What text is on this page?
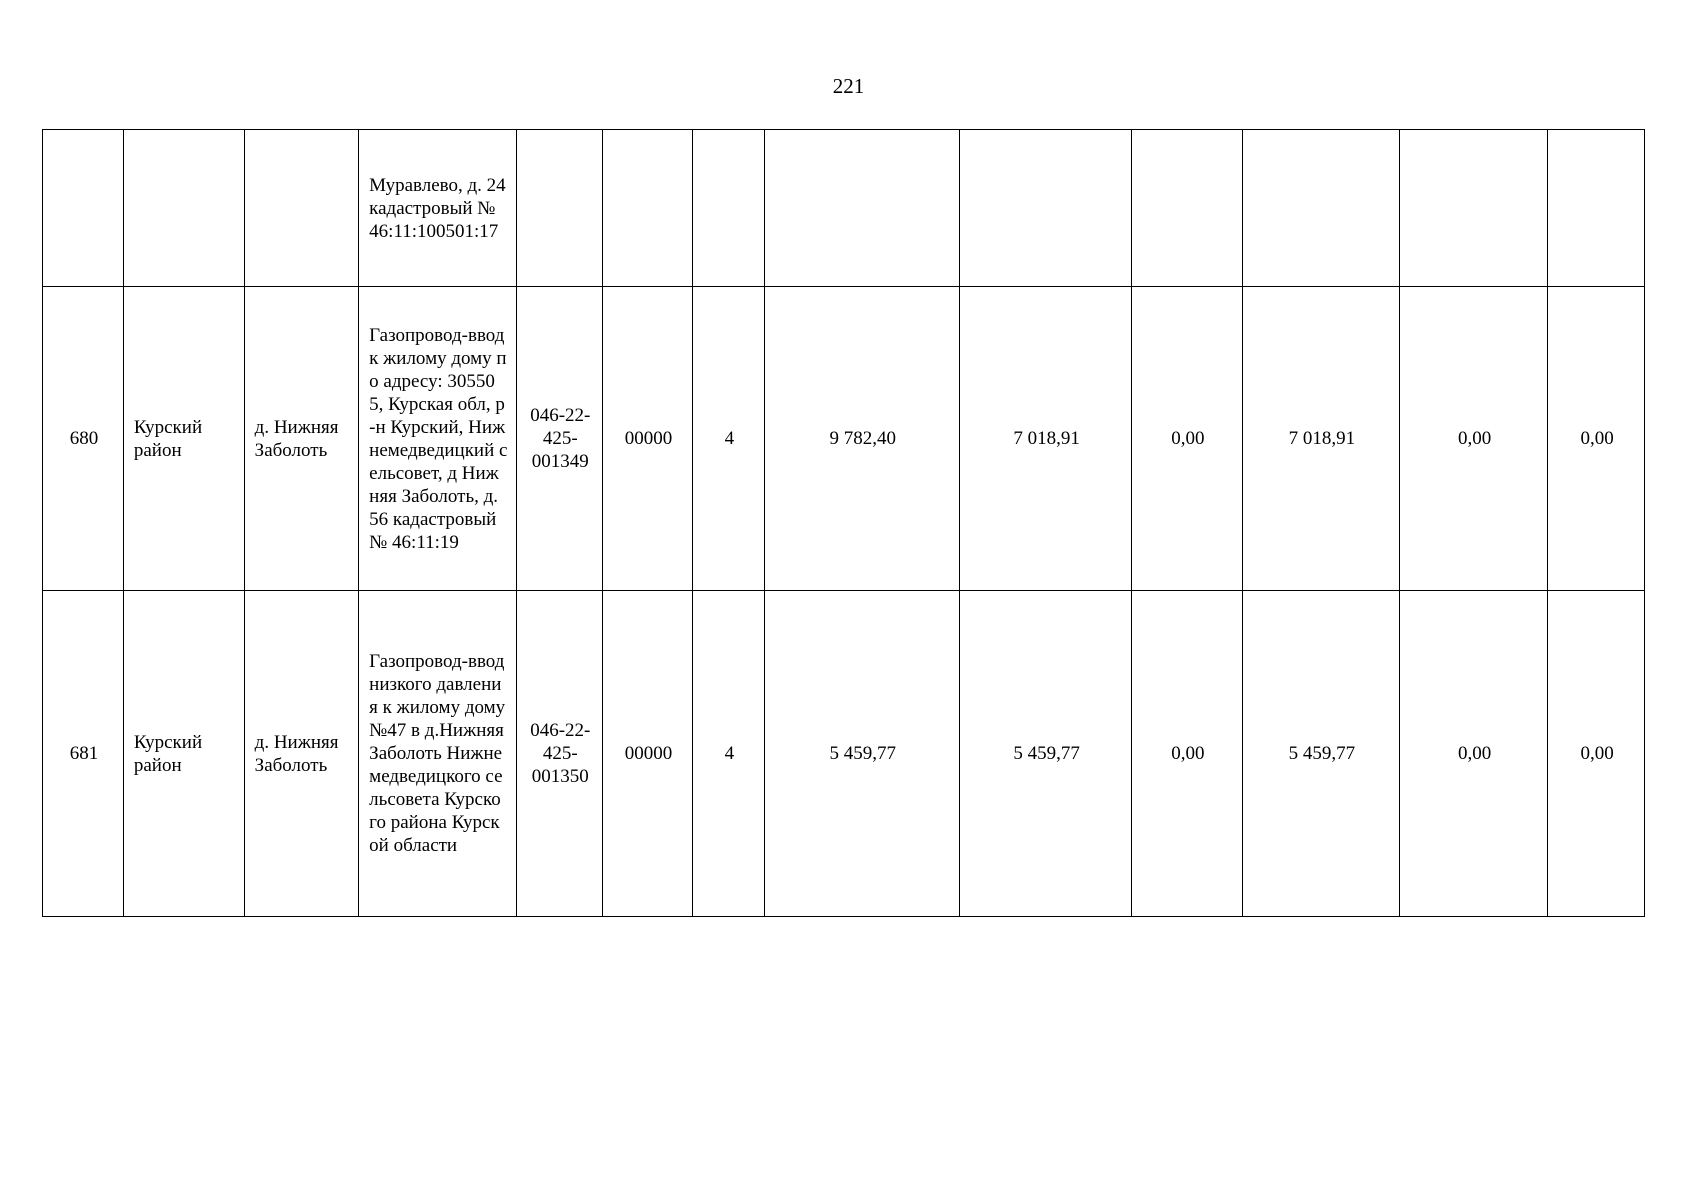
221
			Муравлево, д. 24 кадастровый № 46:11:100501:17									
680	Курский район	д. Нижняя Заболоть	Газопровод-ввод к жилому дому по адресу: 305505, Курская обл, р-н Курский, Нижнемедведицкий сельсовет, д Нижняя Заболоть, д. 56 кадастровый № 46:11:19	046-22-425-001349	00000	4	9 782,40	7 018,91	0,00	7 018,91	0,00	0,00
681	Курский район	д. Нижняя Заболоть	Газопровод-ввод низкого давления к жилому дому №47 в д.Нижняя Заболоть Нижнемедведицкого сельсовета Курского района Курской области	046-22-425-001350	00000	4	5 459,77	5 459,77	0,00	5 459,77	0,00	0,00
